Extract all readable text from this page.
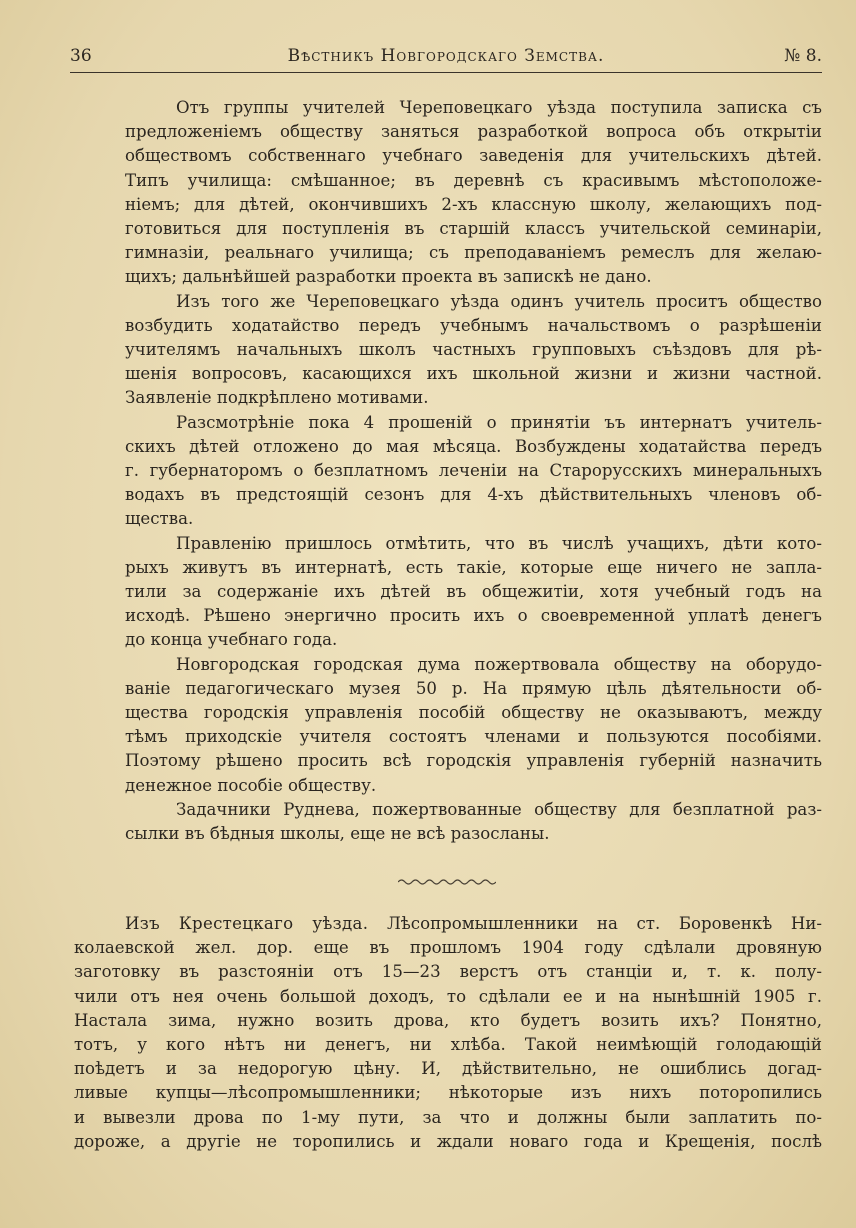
36	Вѣстникъ Новгородскаго Земства.	№ 8.
Отъ группы учителей Череповецкаго уѣзда поступила записка съ
предложеніемъ обществу заняться разработкой вопроса объ открытіи
обществомъ собственнаго учебнаго заведенія для учительскихъ дѣтей.
Типъ училища: смѣшанное; въ деревнѣ съ красивымъ мѣстоположе-
ніемъ; для дѣтей, окончившихъ 2-хъ классную школу, желающихъ под-
готовиться для поступленія въ старшій классъ учительской семинаріи,
гимназіи, реальнаго училища; съ преподаваніемъ ремеслъ для желаю-
щихъ; дальнѣйшей разработки проекта въ запискѣ не дано.
Изъ того же Череповецкаго уѣзда одинъ учитель проситъ общество
возбудить ходатайство передъ учебнымъ начальствомъ о разрѣшеніи
учителямъ начальныхъ школъ частныхъ групповыхъ съѣздовъ для рѣ-
шенія вопросовъ, касающихся ихъ школьной жизни и жизни частной.
Заявленіе подкрѣплено мотивами.
Разсмотрѣніе пока 4 прошеній о принятіи ъъ интернатъ учитель-
скихъ дѣтей отложено до мая мѣсяца. Возбуждены ходатайства передъ
г. губернаторомъ о безплатномъ леченіи на Старорусскихъ минеральныхъ
водахъ въ предстоящій сезонъ для 4-хъ дѣйствительныхъ членовъ об-
щества.
Правленію пришлось отмѣтить, что въ числѣ учащихъ, дѣти кото-
рыхъ живутъ въ интернатѣ, есть такіе, которые еще ничего не запла-
тили за содержаніе ихъ дѣтей въ общежитіи, хотя учебный годъ на
исходѣ. Рѣшено энергично просить ихъ о своевременной уплатѣ денегъ
до конца учебнаго года.
Новгородская городская дума пожертвовала обществу на оборудо-
ваніе педагогическаго музея 50 р. На прямую цѣль дѣятельности об-
щества городскія управленія пособій обществу не оказываютъ, между
тѣмъ приходскіе учителя состоятъ членами и пользуются пособіями.
Поэтому рѣшено просить всѣ городскія управленія губерній назначить
денежное пособіе обществу.
Задачники Руднева, пожертвованные обществу для безплатной раз-
сылки въ бѣдныя школы, еще не всѣ разосланы.
Изъ Крестецкаго уѣзда. Лѣсопромышленники на ст. Боровенкѣ Ни-
колаевской жел. дор. еще въ прошломъ 1904 году сдѣлали дровяную
заготовку въ разстояніи отъ 15—23 верстъ отъ станціи и, т. к. полу-
чили отъ нея очень большой доходъ, то сдѣлали ее и на нынѣшній 1905 г.
Настала зима, нужно возить дрова, кто будетъ возить ихъ? Понятно,
тотъ, у кого нѣтъ ни денегъ, ни хлѣба. Такой неимѣющій голодающій
поѣдетъ и за недорогую цѣну. И, дѣйствительно, не ошиблись догад-
ливые купцы—лѣсопромышленники; нѣкоторые изъ нихъ поторопились
и вывезли дрова по 1-му пути, за что и должны были заплатить по-
дороже, а другіе не торопились и ждали новаго года и Крещенія, послѣ
